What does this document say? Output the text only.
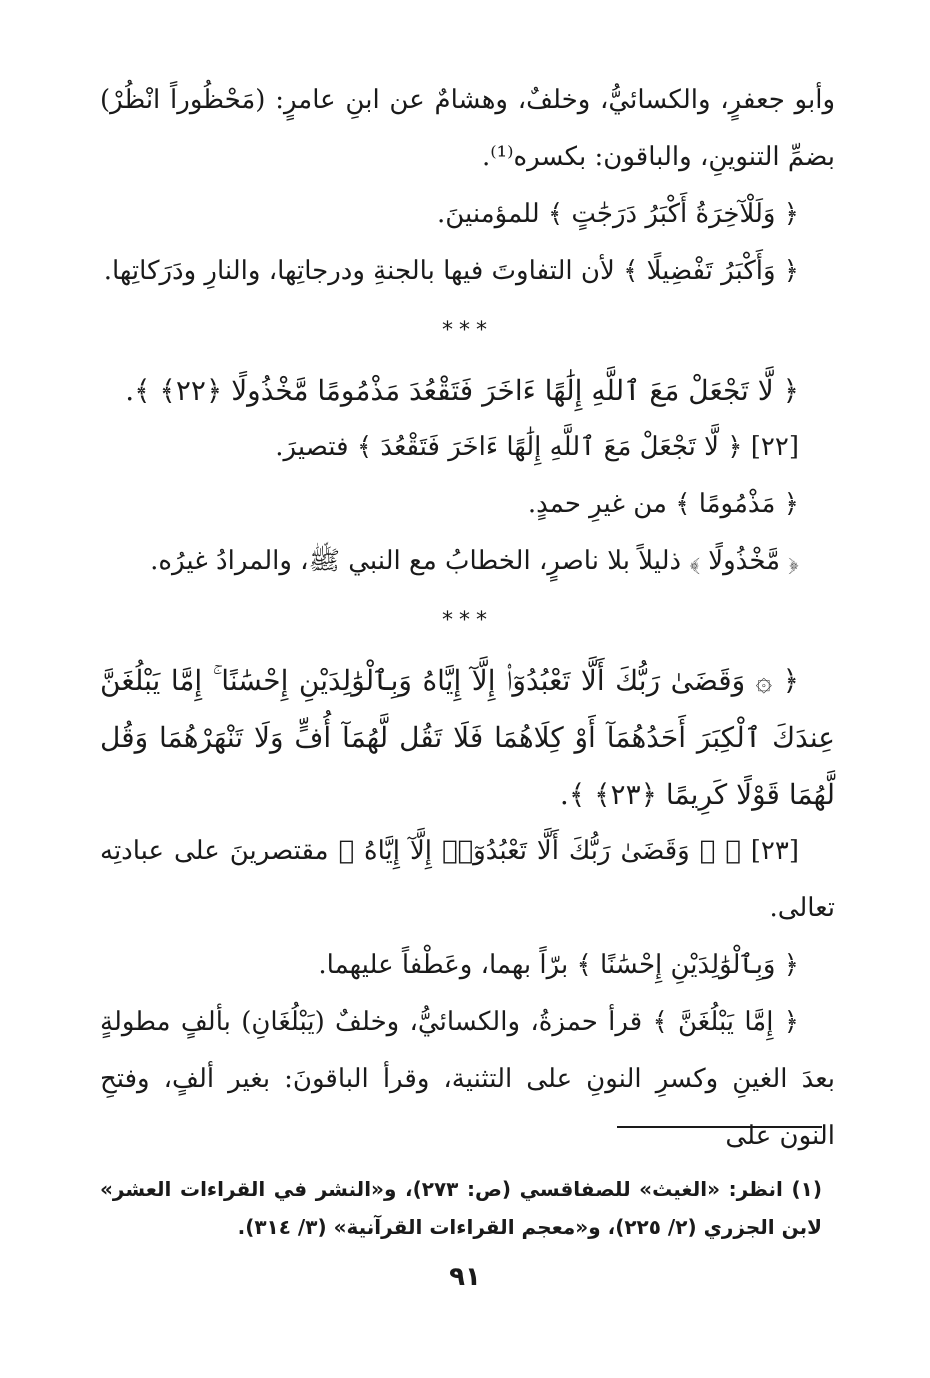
وأبو جعفرٍ، والكسائيُّ، وخلفٌ، وهشامٌ عن ابنِ عامرٍ: (مَحْظُوراً انْظُرْ) بضمِّ التنوينِ، والباقون: بكسره⁽¹⁾.

﴿ وَلَلْآخِرَةُ أَكْبَرُ دَرَجَٰتٍ ﴾ للمؤمنينَ.

﴿ وَأَكْبَرُ تَفْضِيلًا ﴾ لأن التفاوتَ فيها بالجنةِ ودرجاتِها، والنارِ ودَرَكاتِها.

***

﴿ لَّا تَجْعَلْ مَعَ ٱللَّهِ إِلَٰهًا ءَاخَرَ فَتَقْعُدَ مَذْمُومًا مَّخْذُولًا ﴿٢٢﴾ ﴾.

[٢٢] ﴿ لَّا تَجْعَلْ مَعَ ٱللَّهِ إِلَٰهًا ءَاخَرَ فَتَقْعُدَ ﴾ فتصيرَ.

﴿ مَذْمُومًا ﴾ من غيرِ حمدٍ.

﴿ مَّخْذُولًا ﴾ ذليلاً بلا ناصرٍ، الخطابُ مع النبي ﷺ، والمرادُ غيرُه.

***

﴿ ۞ وَقَضَىٰ رَبُّكَ أَلَّا تَعْبُدُوٓا۟ إِلَّآ إِيَّاهُ وَبِٱلْوَٰلِدَيْنِ إِحْسَٰنًا ۚ إِمَّا يَبْلُغَنَّ عِندَكَ ٱلْكِبَرَ أَحَدُهُمَآ أَوْ كِلَاهُمَا فَلَا تَقُل لَّهُمَآ أُفٍّ وَلَا تَنْهَرْهُمَا وَقُل لَّهُمَا قَوْلًا كَرِيمًا ﴿٢٣﴾ ﴾.

[٢٣] ﴿ ۞ وَقَضَىٰ رَبُّكَ أَلَّا تَعْبُدُوٓا۟ إِلَّآ إِيَّاهُ ﴾ مقتصرينَ على عبادتِه تعالى.

﴿ وَبِٱلْوَٰلِدَيْنِ إِحْسَٰنًا ﴾ برّاً بهما، وعَطْفاً عليهما.

﴿ إِمَّا يَبْلُغَنَّ ﴾ قرأ حمزةُ، والكسائيُّ، وخلفٌ (يَبْلُغَانِ) بألفٍ مطولةٍ بعدَ الغينِ وكسرِ النونِ على التثنية، وقرأ الباقونَ: بغير ألفٍ، وفتحِ النون على

(١) انظر: «الغيث» للصفاقسي (ص: ٢٧٣)، و«النشر في القراءات العشر» لابن الجزري (٢/ ٢٢٥)، و«معجم القراءات القرآنية» (٣/ ٣١٤).

٩١
